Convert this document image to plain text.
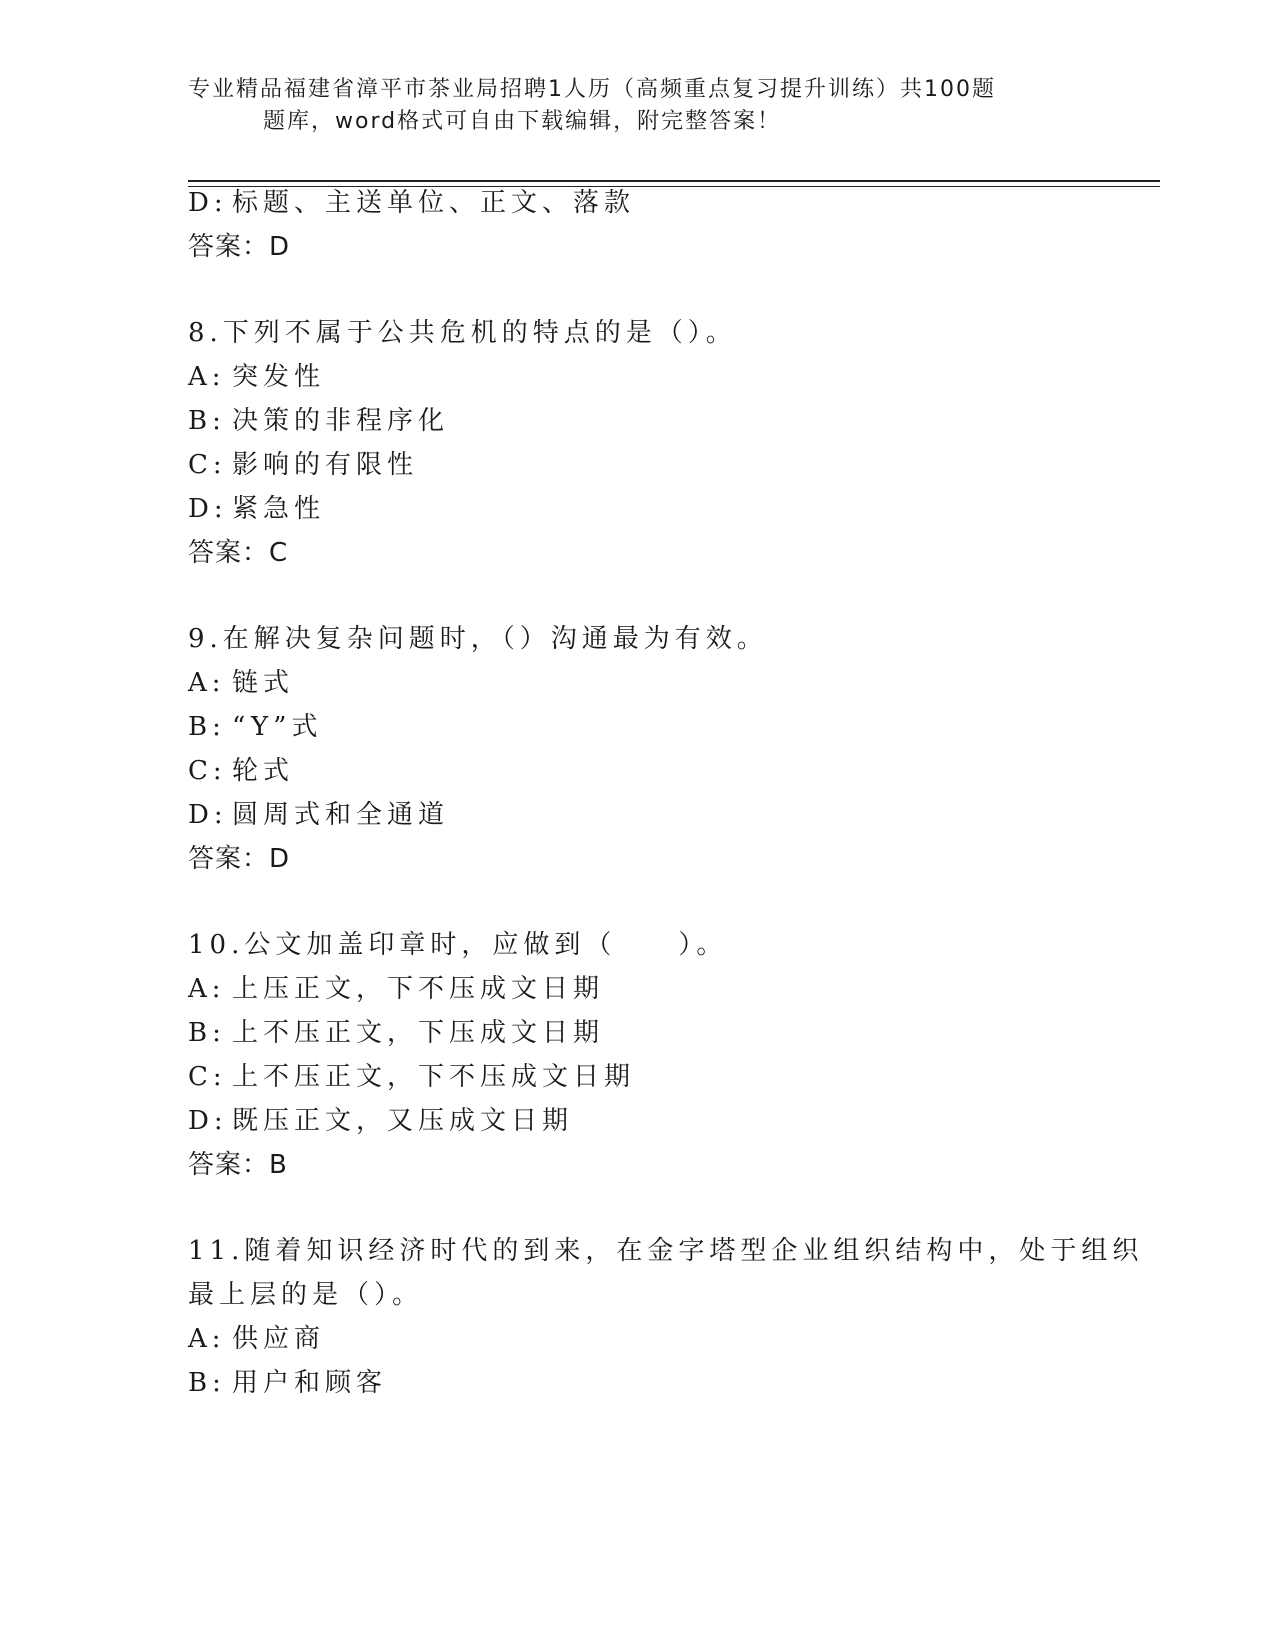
专业精品福建省漳平市茶业局招聘1人历（高频重点复习提升训练）共100题

题库，word格式可自由下载编辑，附完整答案！

D: 标题、主送单位、正文、落款
答案：D
8.下列不属于公共危机的特点的是（）。
A: 突发性
B: 决策的非程序化
C: 影响的有限性
D: 紧急性
答案：C
9.在解决复杂问题时，（）沟通最为有效。
A: 链式
B: “Y”式
C: 轮式
D: 圆周式和全通道
答案：D
10.公文加盖印章时，应做到（　　）。
A: 上压正文，下不压成文日期
B: 上不压正文，下压成文日期
C: 上不压正文，下不压成文日期
D: 既压正文，又压成文日期
答案：B
11.随着知识经济时代的到来，在金字塔型企业组织结构中，处于组织
最上层的是（）。
A: 供应商
B: 用户和顾客
